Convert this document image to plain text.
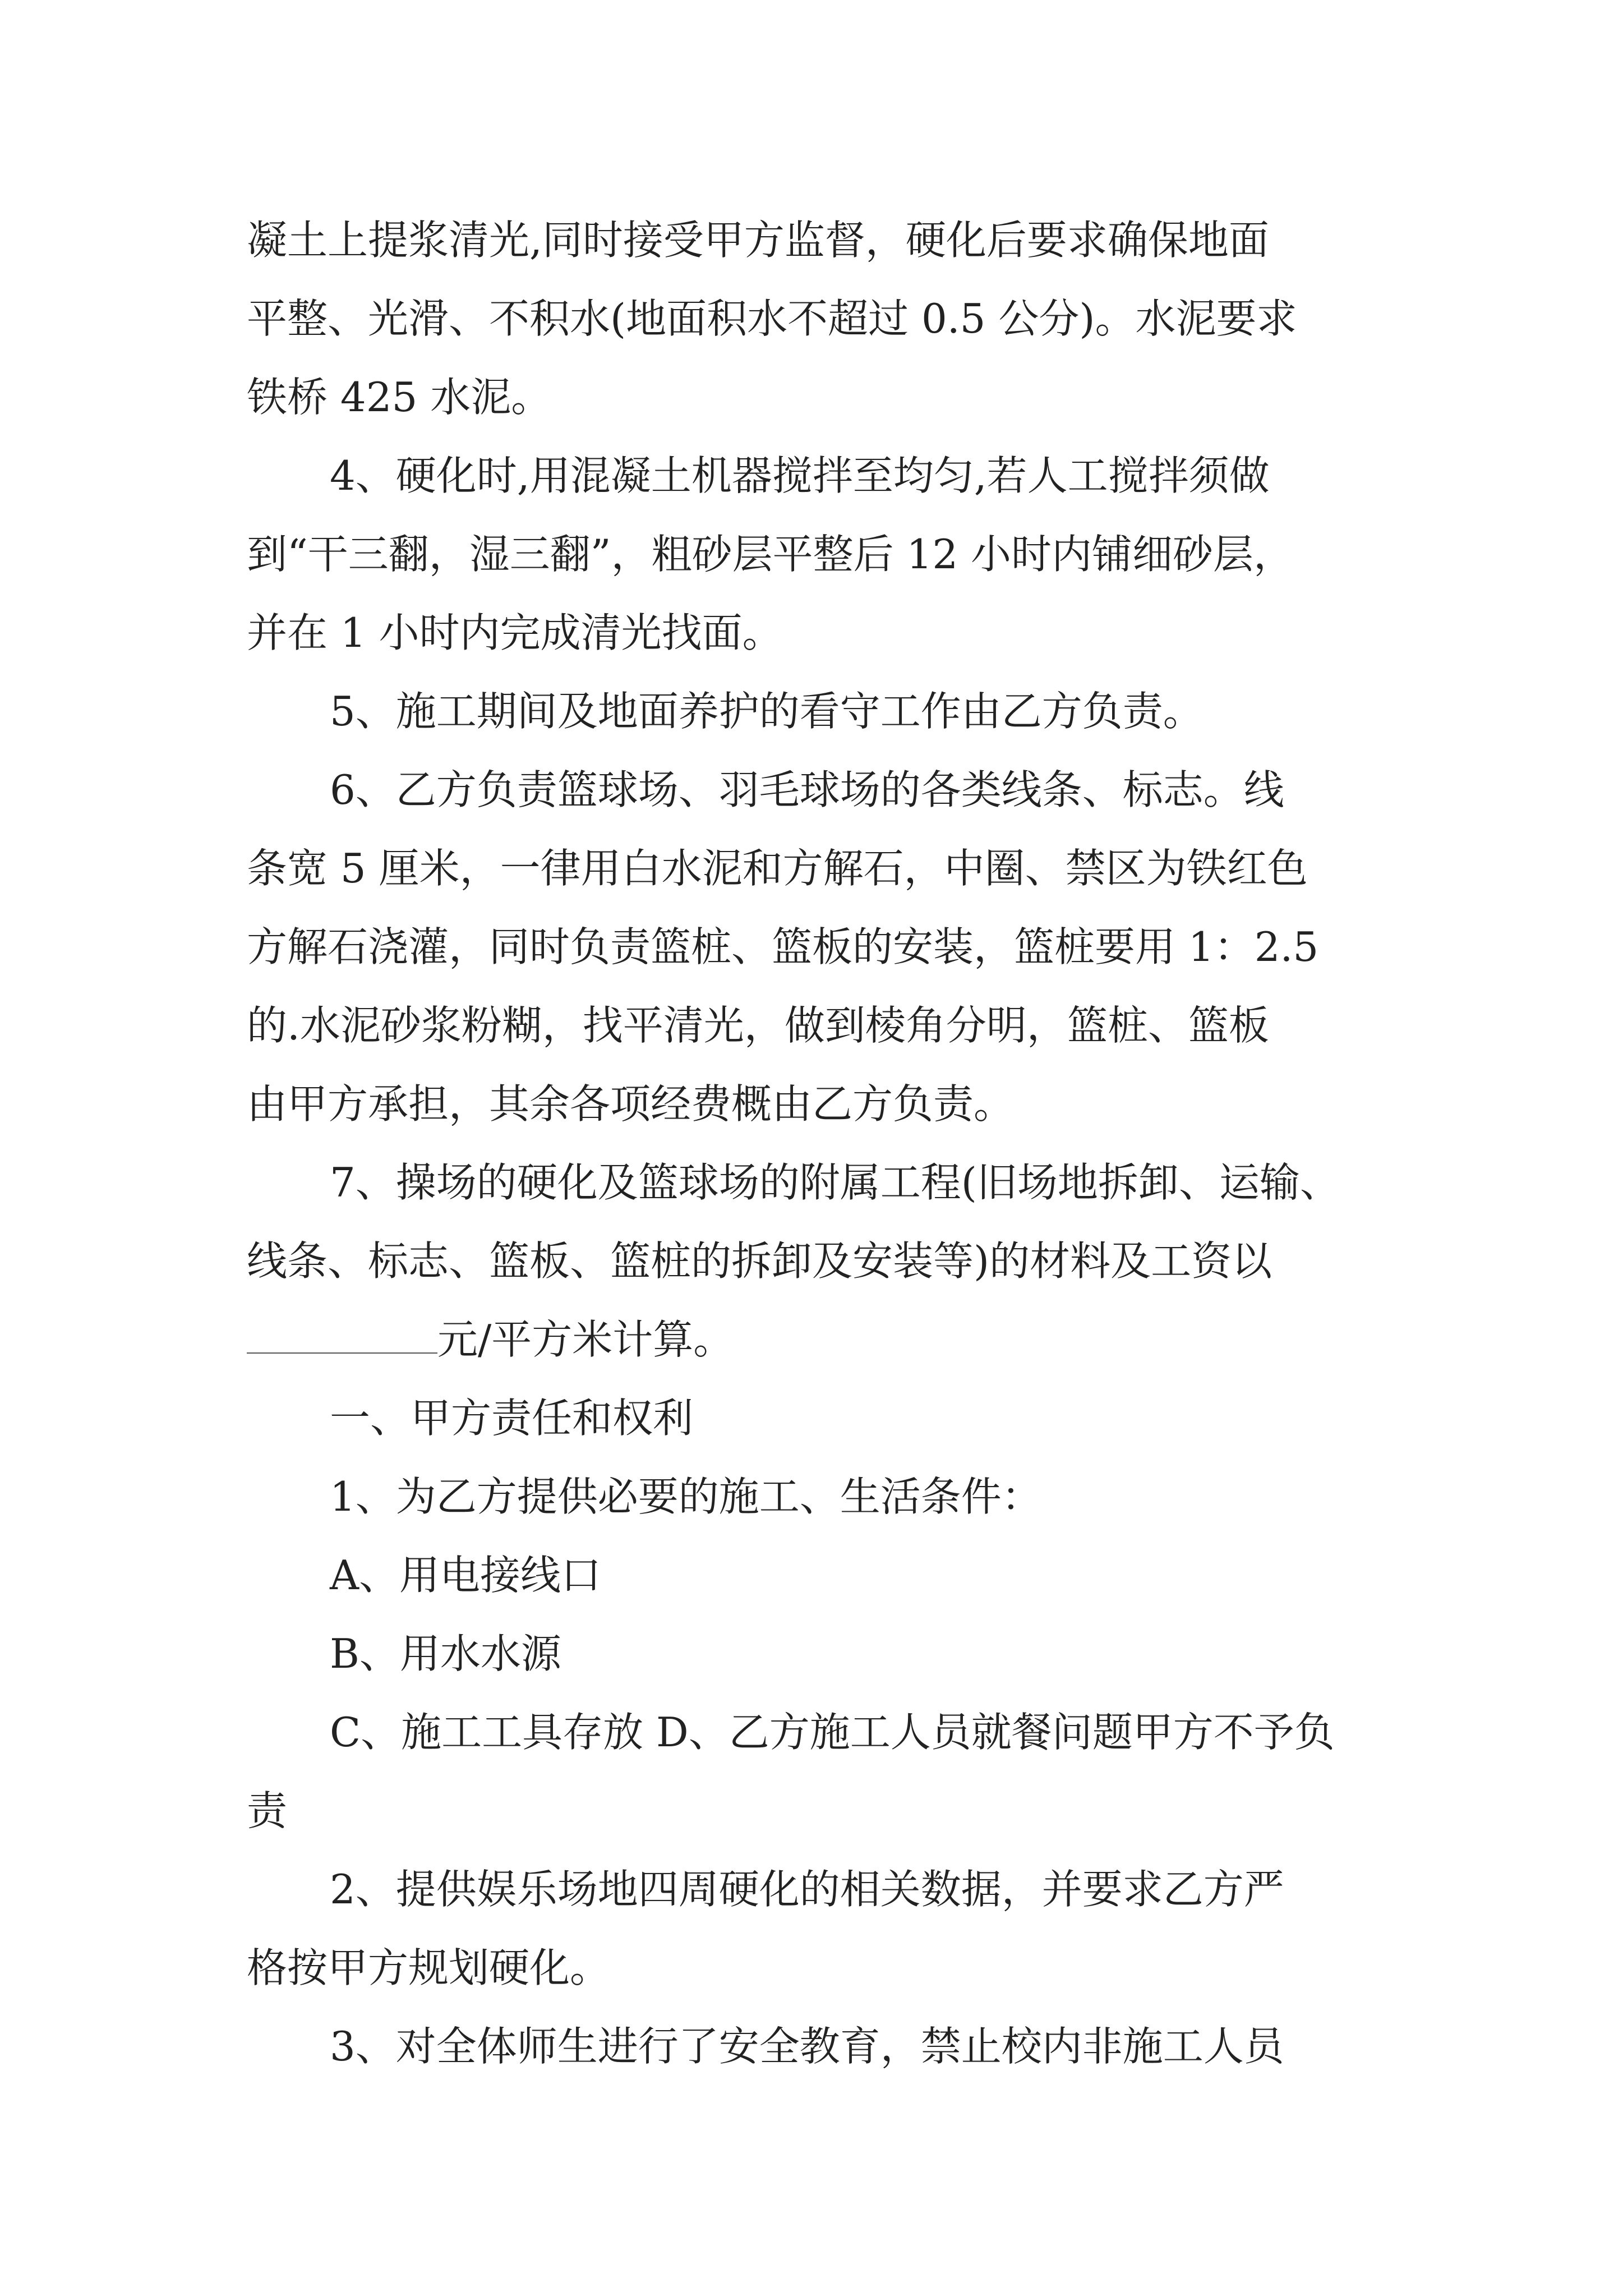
凝土上提浆清光,同时接受甲方监督，硬化后要求确保地面
平整、光滑、不积水(地面积水不超过 0.5 公分)。水泥要求
铁桥 425 水泥。
4、硬化时,用混凝土机器搅拌至均匀,若人工搅拌须做
到“干三翻，湿三翻”，粗砂层平整后 12 小时内铺细砂层，
并在 1 小时内完成清光找面。
5、施工期间及地面养护的看守工作由乙方负责。
6、乙方负责篮球场、羽毛球场的各类线条、标志。线
条宽 5 厘米，一律用白水泥和方解石，中圈、禁区为铁红色
方解石浇灌，同时负责篮桩、篮板的安装，篮桩要用 1：2.5
的.水泥砂浆粉糊，找平清光，做到棱角分明，篮桩、篮板
由甲方承担，其余各项经费概由乙方负责。
7、操场的硬化及篮球场的附属工程(旧场地拆卸、运输、
线条、标志、篮板、篮桩的拆卸及安装等)的材料及工资以
元/平方米计算。
一、甲方责任和权利
1、为乙方提供必要的施工、生活条件：
A、用电接线口
B、用水水源
C、施工工具存放 D、乙方施工人员就餐问题甲方不予负
责
2、提供娱乐场地四周硬化的相关数据，并要求乙方严
格按甲方规划硬化。
3、对全体师生进行了安全教育，禁止校内非施工人员
